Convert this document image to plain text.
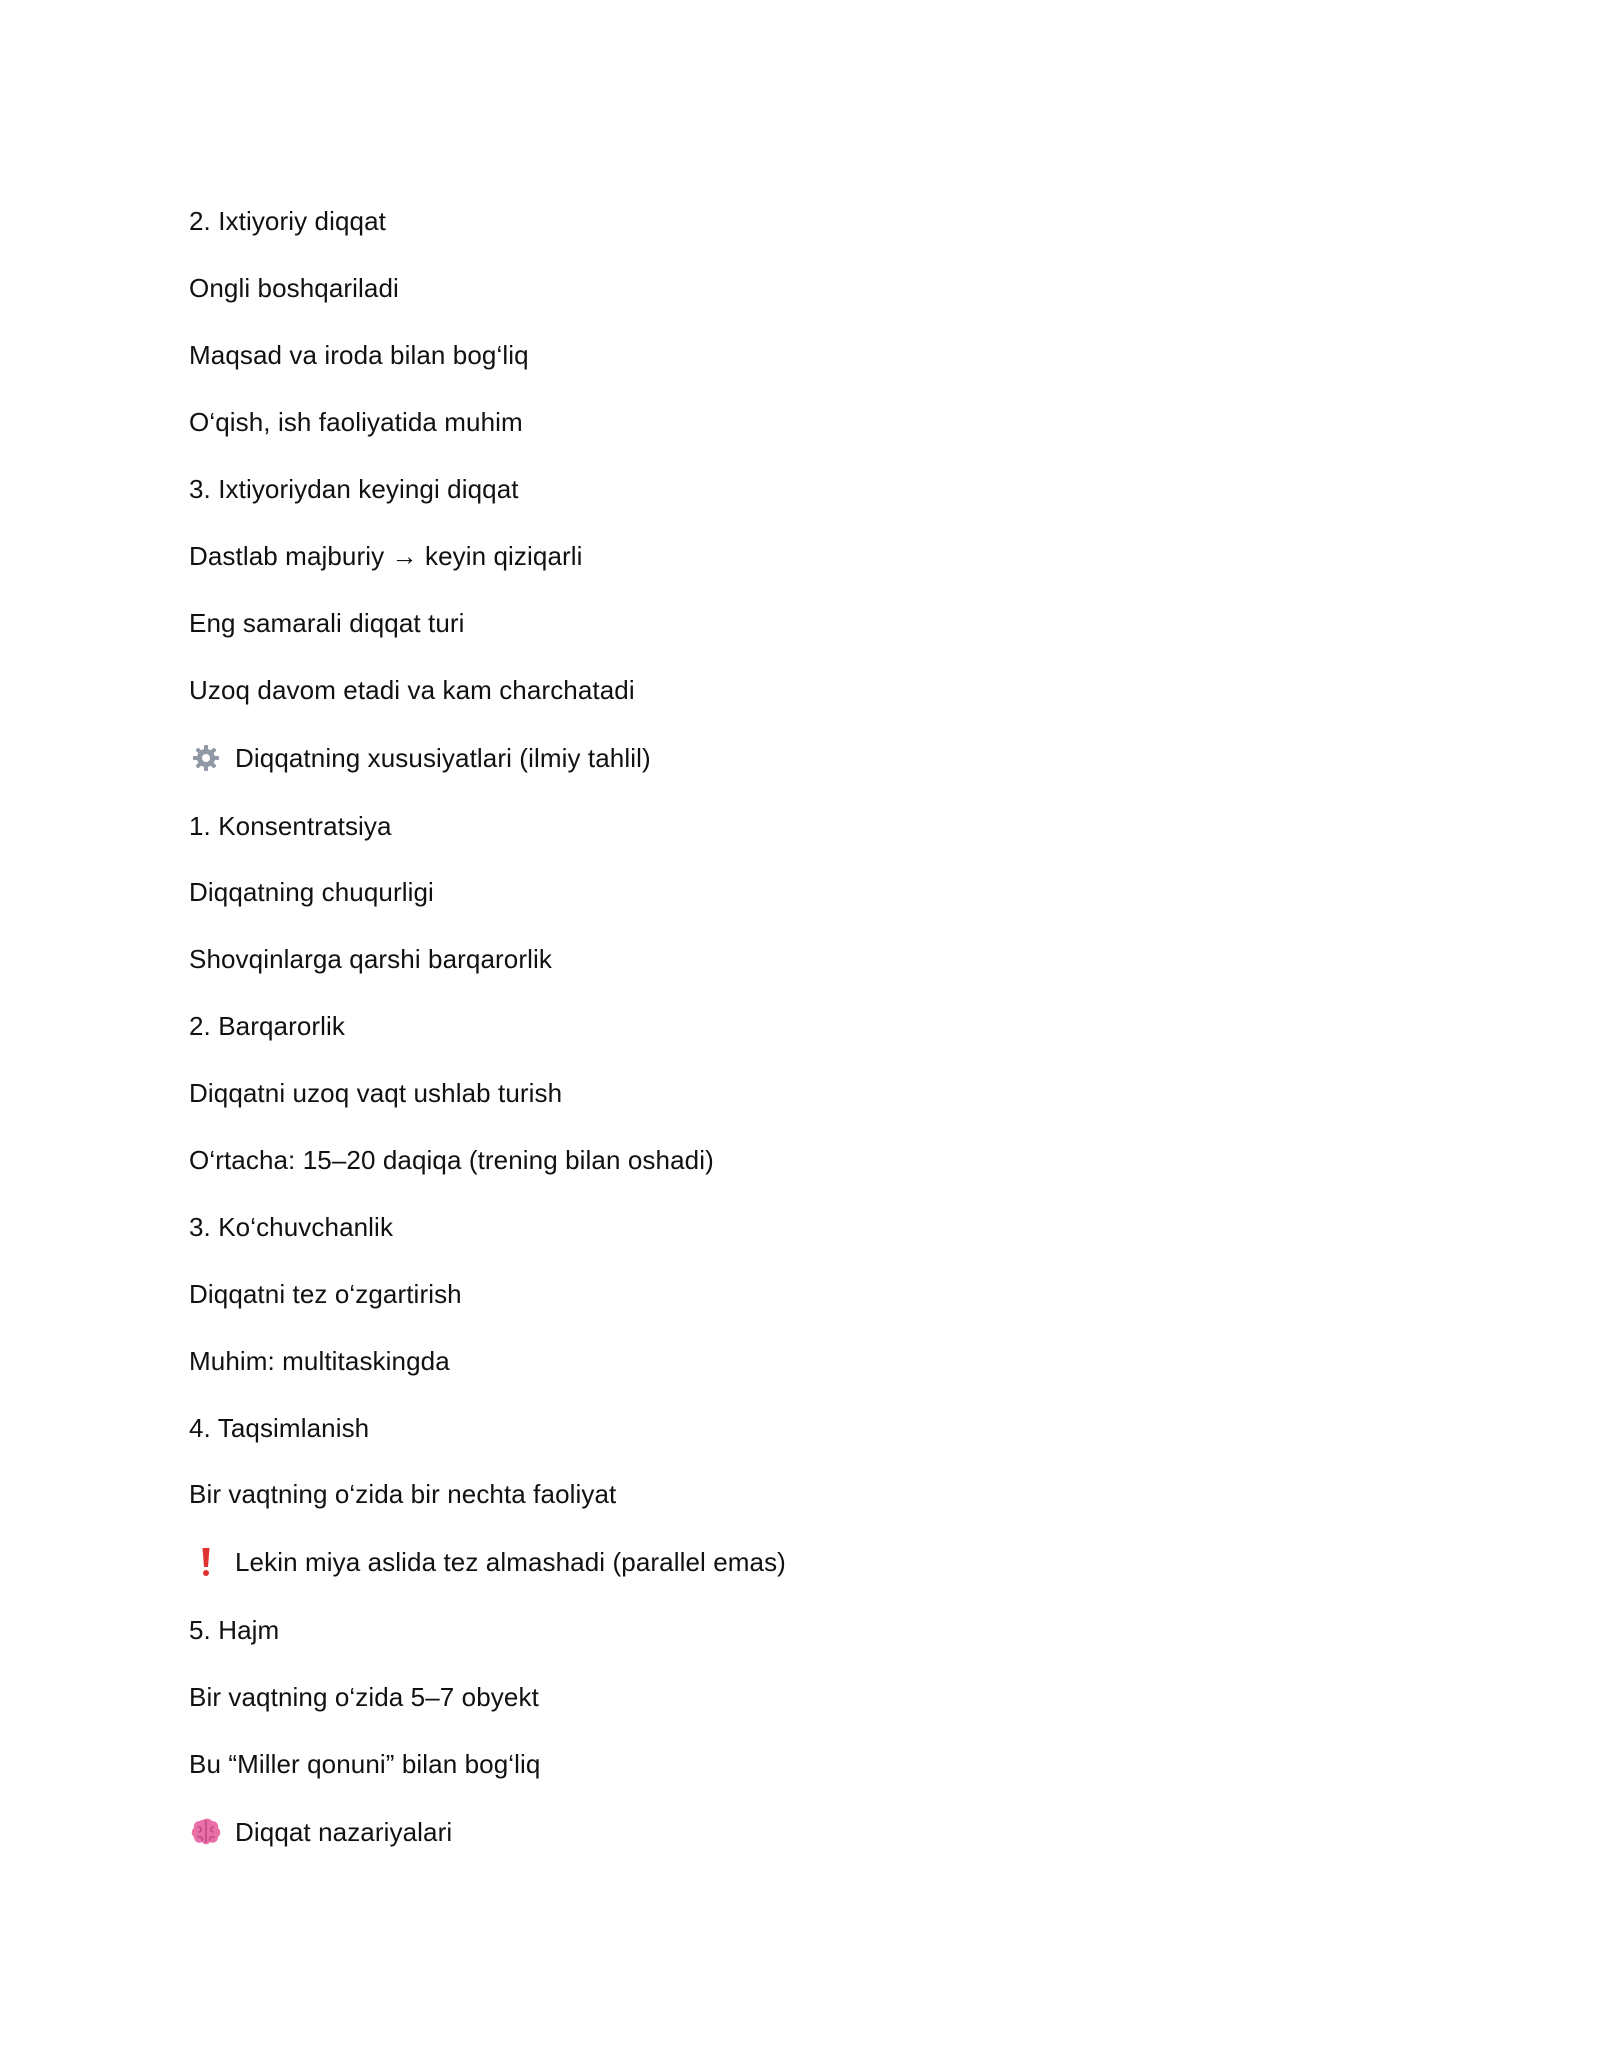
2. Ixtiyoriy diqqat
Ongli boshqariladi
Maqsad va iroda bilan bog‘liq
O‘qish, ish faoliyatida muhim
3. Ixtiyoriydan keyingi diqqat
Dastlab majburiy → keyin qiziqarli
Eng samarali diqqat turi
Uzoq davom etadi va kam charchatadi
Diqqatning xususiyatlari (ilmiy tahlil)
1. Konsentratsiya
Diqqatning chuqurligi
Shovqinlarga qarshi barqarorlik
2. Barqarorlik
Diqqatni uzoq vaqt ushlab turish
O‘rtacha: 15–20 daqiqa (trening bilan oshadi)
3. Ko‘chuvchanlik
Diqqatni tez o‘zgartirish
Muhim: multitaskingda
4. Taqsimlanish
Bir vaqtning o‘zida bir nechta faoliyat
Lekin miya aslida tez almashadi (parallel emas)
5. Hajm
Bir vaqtning o‘zida 5–7 obyekt
Bu “Miller qonuni” bilan bog‘liq
Diqqat nazariyalari
